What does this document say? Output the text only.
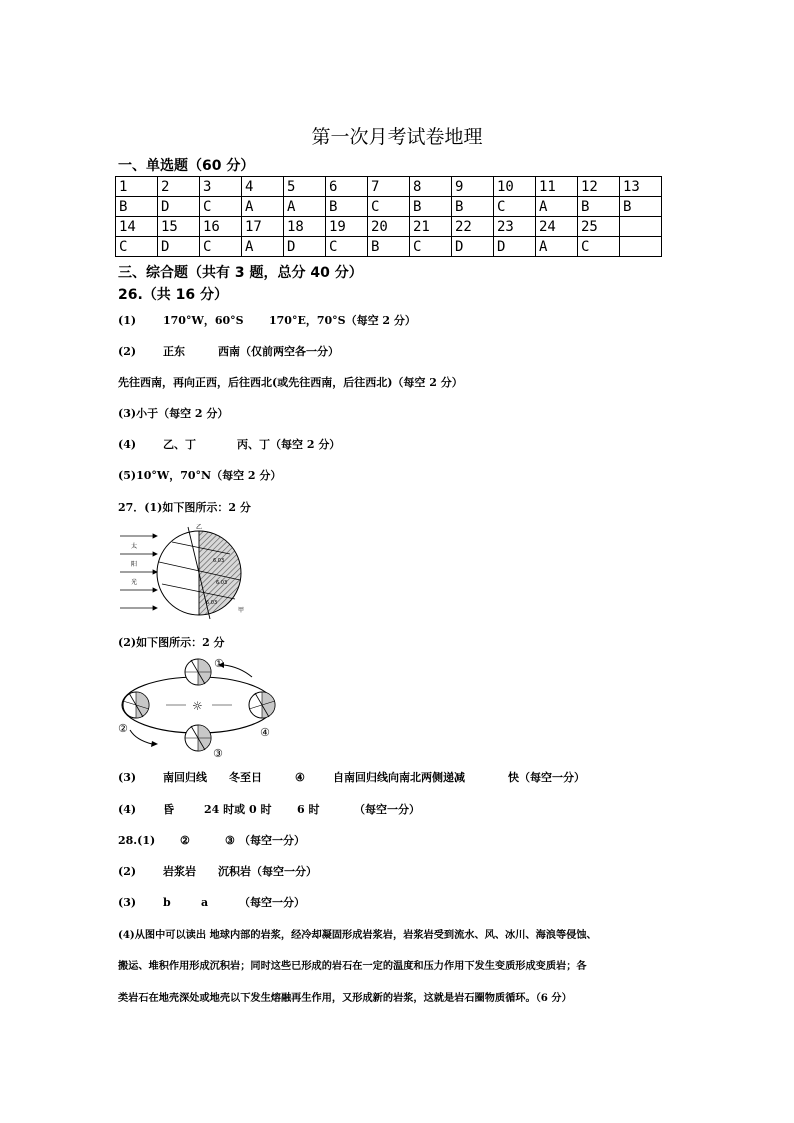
第一次月考试卷地理
一、单选题（60 分）
1	2	3	4	5	6	7	8	9	10	11	12	13
B	D	C	A	A	B	C	B	B	C	A	B	B
14	15	16	17	18	19	20	21	22	23	24	25	
C	D	C	A	D	C	B	C	D	D	A	C	
三、综合题（共有 3 题，总分 40 分）
26.（共 16 分）
(1) 170°W，60°S 170°E，70°S（每空 2 分）
(2) 正东	西南（仅前两空各一分）
先往西南，再向正西，后往西北(或先往西南，后往西北)（每空 2 分）
(3)小于（每空 2 分）
(4) 乙、丁	丙、丁（每空 2 分）
(5)10°W，70°N（每空 2 分）
27．(1)如下图所示：2 分
太
阳
光
6.03
6.03
6.03
乙
甲
(2)如下图所示：2 分
☼
①
②
③
④
(3) 南回归线 冬至日	④	自南回归线向南北两侧递减	快（每空一分）
(4) 昏	24 时或 0 时 6 时	（每空一分）
28.(1) ②	③ （每空一分）
(2) 岩浆岩 沉积岩（每空一分）
(3) b	a	（每空一分）
(4)从图中可以读出 地球内部的岩浆，经冷却凝固形成岩浆岩，岩浆岩受到流水、风、冰川、海浪等侵蚀、
搬运、堆积作用形成沉积岩；同时这些已形成的岩石在一定的温度和压力作用下发生变质形成变质岩；各
类岩石在地壳深处或地壳以下发生熔融再生作用，又形成新的岩浆，这就是岩石圈物质循环。（6 分）
